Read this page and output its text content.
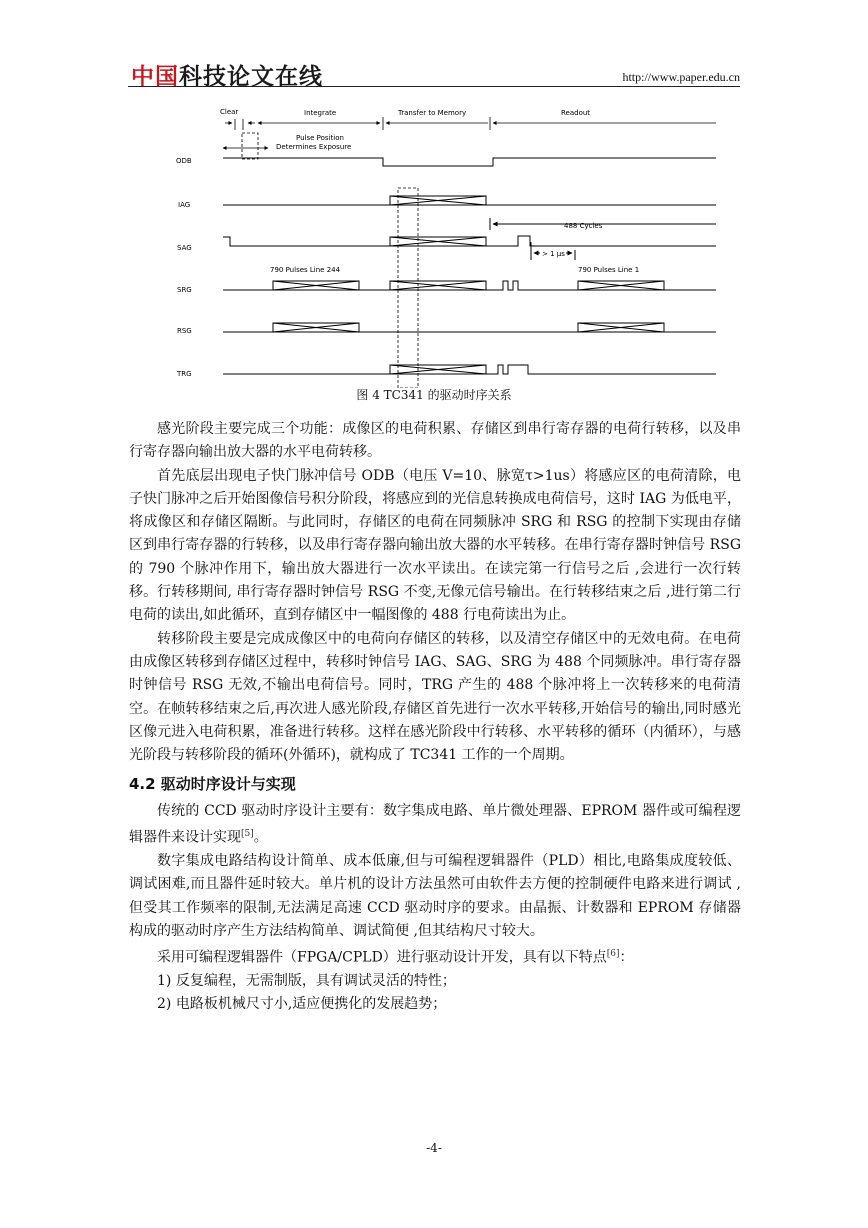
中国科技论文在线	http://www.paper.edu.cn
Clear	Integrate	Transfer to Memory	Readout
Pulse Position
Determines Exposure
ODB
IAG
SAG
SRG
RSG
TRG
488 Cycles
> 1 μs
790 Pulses Line 244	790 Pulses Line 1
图 4 TC341 的驱动时序关系

感光阶段主要完成三个功能：成像区的电荷积累、存储区到串行寄存器的电荷行转移，以及串行寄存器向输出放大器的水平电荷转移。

首先底层出现电子快门脉冲信号 ODB（电压 V=10、脉宽τ>1us）将感应区的电荷清除，电子快门脉冲之后开始图像信号积分阶段，将感应到的光信息转换成电荷信号，这时 IAG 为低电平，将成像区和存储区隔断。与此同时，存储区的电荷在同频脉冲 SRG 和 RSG 的控制下实现由存储区到串行寄存器的行转移，以及串行寄存器向输出放大器的水平转移。在串行寄存器时钟信号 RSG 的 790 个脉冲作用下，输出放大器进行一次水平读出。在读完第一行信号之后 ,会进行一次行转移。行转移期间, 串行寄存器时钟信号 RSG 不变,无像元信号输出。在行转移结束之后 ,进行第二行电荷的读出,如此循环，直到存储区中一幅图像的 488 行电荷读出为止。

转移阶段主要是完成成像区中的电荷向存储区的转移，以及清空存储区中的无效电荷。在电荷由成像区转移到存储区过程中，转移时钟信号 IAG、SAG、SRG 为 488 个同频脉冲。串行寄存器时钟信号 RSG 无效,不输出电荷信号。同时，TRG 产生的 488 个脉冲将上一次转移来的电荷清空。在帧转移结束之后,再次进人感光阶段,存储区首先进行一次水平转移,开始信号的输出,同时感光区像元进入电荷积累，准备进行转移。这样在感光阶段中行转移、水平转移的循环（内循环），与感光阶段与转移阶段的循环(外循环)，就构成了 TC341 工作的一个周期。

4.2 驱动时序设计与实现

传统的 CCD 驱动时序设计主要有：数字集成电路、单片微处理器、EPROM 器件或可编程逻辑器件来设计实现[5]。

数字集成电路结构设计简单、成本低廉,但与可编程逻辑器件（PLD）相比,电路集成度较低、调试困难,而且器件延时较大。单片机的设计方法虽然可由软件去方便的控制硬件电路来进行调试 ,但受其工作频率的限制,无法满足高速 CCD 驱动时序的要求。由晶振、计数器和 EPROM 存储器构成的驱动时序产生方法结构简单、调试简便 ,但其结构尺寸较大。

采用可编程逻辑器件（FPGA/CPLD）进行驱动设计开发，具有以下特点[6]：

1) 反复编程，无需制版，具有调试灵活的特性；

2) 电路板机械尺寸小,适应便携化的发展趋势；

-4-
